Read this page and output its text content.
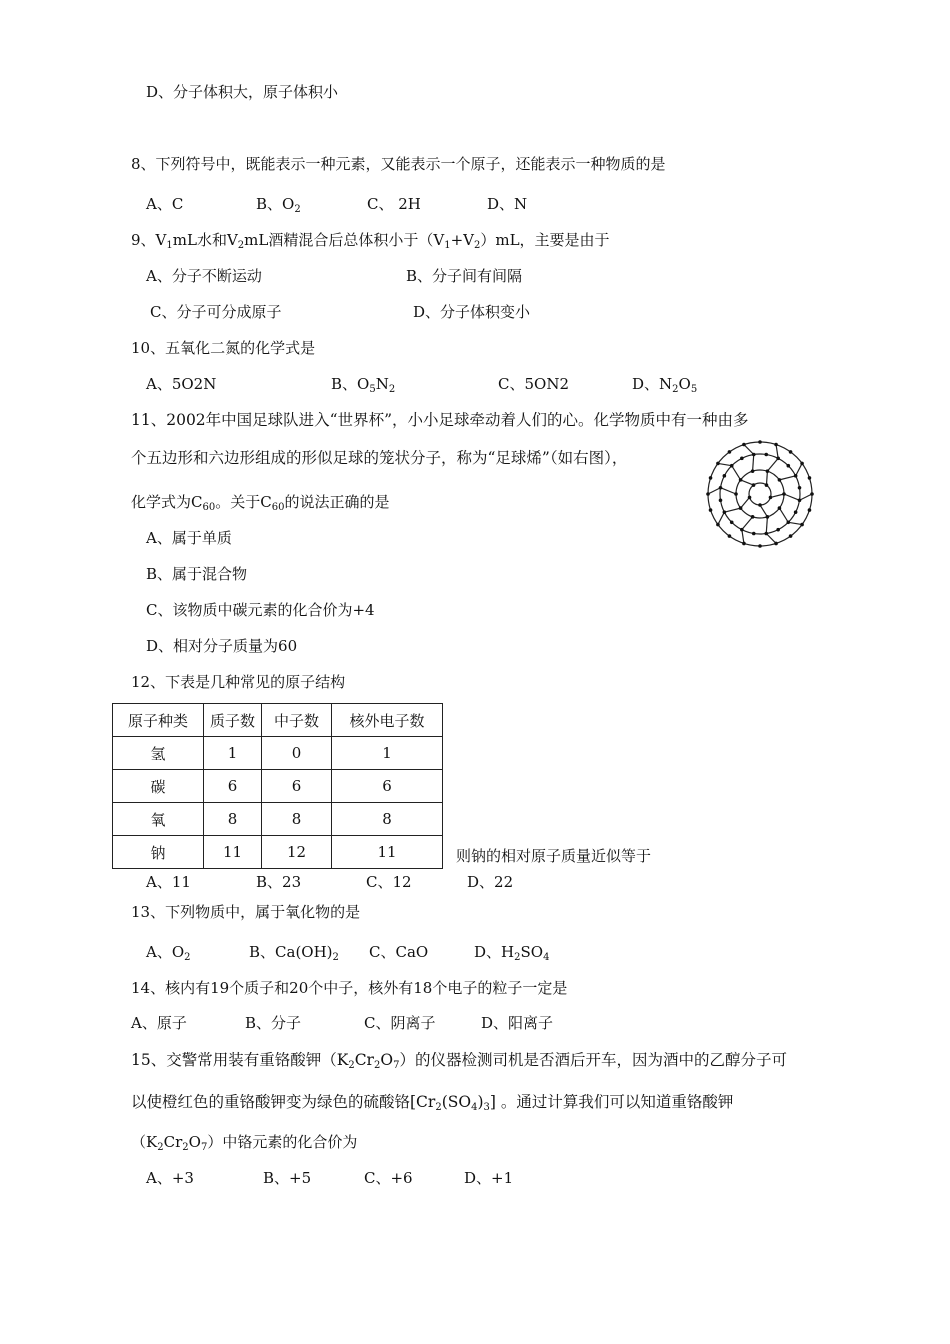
D、分子体积大，原子体积小
8、下列符号中，既能表示一种元素，又能表示一个原子，还能表示一种物质的是
A、C	B、$O_2$	C、 2H	D、N
9、$V_1mL$水和$V_2mL$酒精混合后总体积小于$(V_1+V_2)mL$，主要是由于
A、分子不断运动	B、分子间有间隔
C、分子可分成原子	D、分子体积变小
10、五氧化二氮的化学式是
A、5O2N	B、$O_5N_2$	C、5ON2	D、$N_2O_5$
11、2002年中国足球队进入“世界杯”，小小足球牵动着人们的心。化学物质中有一种由多
个五边形和六边形组成的形似足球的笼状分子，称为“足球烯”（如右图），
化学式为$C_{60}$。关于$C_{60}$的说法正确的是
A、属于单质
B、属于混合物
C、该物质中碳元素的化合价为+4
D、相对分子质量为60
12、下表是几种常见的原子结构
原子种类	质子数	中子数	核外电子数
氢	1	0	1
碳	6	6	6
氧	8	8	8
钠	11	12	11	则钠的相对原子质量近似等于
A、11	B、23	C、12	D、22
13、下列物质中，属于氧化物的是
A、$O_2$	B、$Ca(OH)_2$ C、CaO	D、$H_2SO_4$
14、核内有19个质子和20个中子，核外有18个电子的粒子一定是
A、原子	B、分子	C、阴离子	D、阳离子
15、交警常用装有重铬酸钾$(K_2Cr_2O_7)$的仪器检测司机是否酒后开车，因为酒中的乙醇分子可
以使橙红色的重铬酸钾变为绿色的硫酸铬$[Cr_2(SO_4)_3]$ 。通过计算我们可以知道重铬酸钾
$(K_2Cr_2O_7)$中铬元素的化合价为
A、+3	B、+5	C、+6	D、+1
